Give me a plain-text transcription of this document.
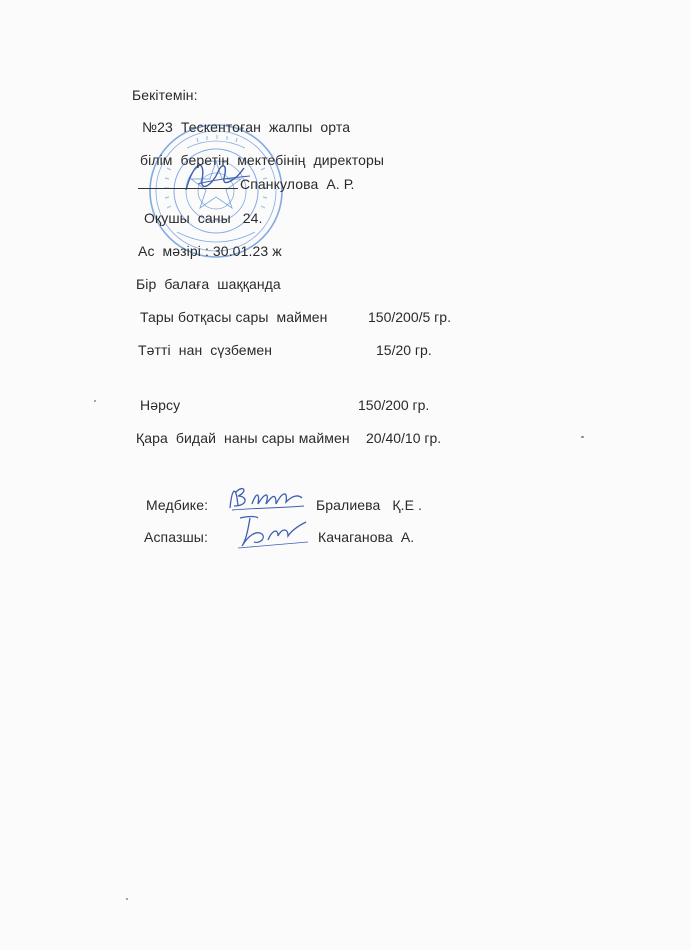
Бекітемін:
№23  Тескентоған  жалпы  орта
білім  беретін  мектебінің  директоры
Спанкулова  А. Р.
Оқушы  саны   24.
Ас  мәзірі : 30.01.23 ж
Бір  балаға  шаққанда
Тары ботқасы сары  маймен	150/200/5 гр.
Тәтті  нан  сүзбемен	15/20 гр.
Нәрсу	150/200 гр.
Қара  бидай  наны сары маймен 20/40/10 гр.
Медбике:	Бралиева   Қ.Е .
Аспазшы:	Качаганова  А.
